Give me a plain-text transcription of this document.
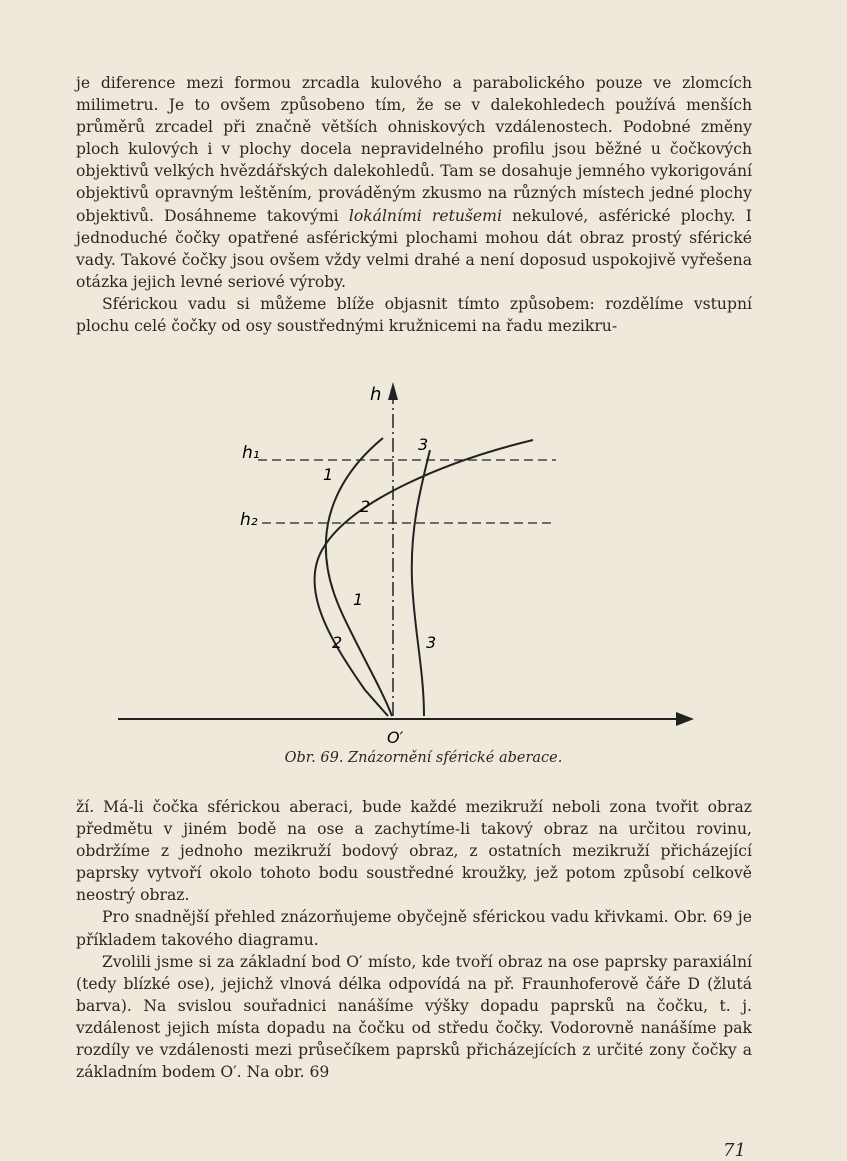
je diference mezi formou zrcadla kulového a parabolického pouze ve zlomcích milimetru. Je to ovšem způsobeno tím, že se v dalekohledech používá menších průměrů zrcadel při značně větších ohniskových vzdálenostech. Podobné změny ploch kulových i v plochy docela nepravidelného profilu jsou běžné u čočkových objektivů velkých hvězdářských dalekohledů. Tam se dosahuje jemného vykorigování objektivů opravným leštěním, prováděným zkusmo na různých místech jedné plochy objektivů. Dosáhneme takovými lokálními retušemi nekulové, asférické plochy. I jednoduché čočky opatřené asférickými plochami mohou dát obraz prostý sférické vady. Takové čočky jsou ovšem vždy velmi drahé a není doposud uspokojivě vyřešena otázka jejich levné seriové výroby.

Sférickou vadu si můžeme blíže objasnit tímto způsobem: rozdělíme vstupní plochu celé čočky od osy soustřednými kružnicemi na řadu mezikru-

h
h₁
h₂
1
2
3
1
2	3
O′
Obr. 69. Znázornění sférické aberace.

ží. Má-li čočka sférickou aberaci, bude každé mezikruží neboli zona tvořit obraz předmětu v jiném bodě na ose a zachytíme-li takový obraz na určitou rovinu, obdržíme z jednoho mezikruží bodový obraz, z ostatních mezikruží přicházející paprsky vytvoří okolo tohoto bodu soustředné kroužky, jež potom způsobí celkově neostrý obraz.

Pro snadnější přehled znázorňujeme obyčejně sférickou vadu křivkami. Obr. 69 je příkladem takového diagramu.

Zvolili jsme si za základní bod O′ místo, kde tvoří obraz na ose paprsky paraxiální (tedy blízké ose), jejichž vlnová délka odpovídá na př. Fraunhoferově čáře D (žlutá barva). Na svislou souřadnici nanášíme výšky dopadu paprsků na čočku, t. j. vzdálenost jejich místa dopadu na čočku od středu čočky. Vodorovně nanášíme pak rozdíly ve vzdálenosti mezi průsečíkem paprsků přicházejících z určité zony čočky a základním bodem O′. Na obr. 69

71
